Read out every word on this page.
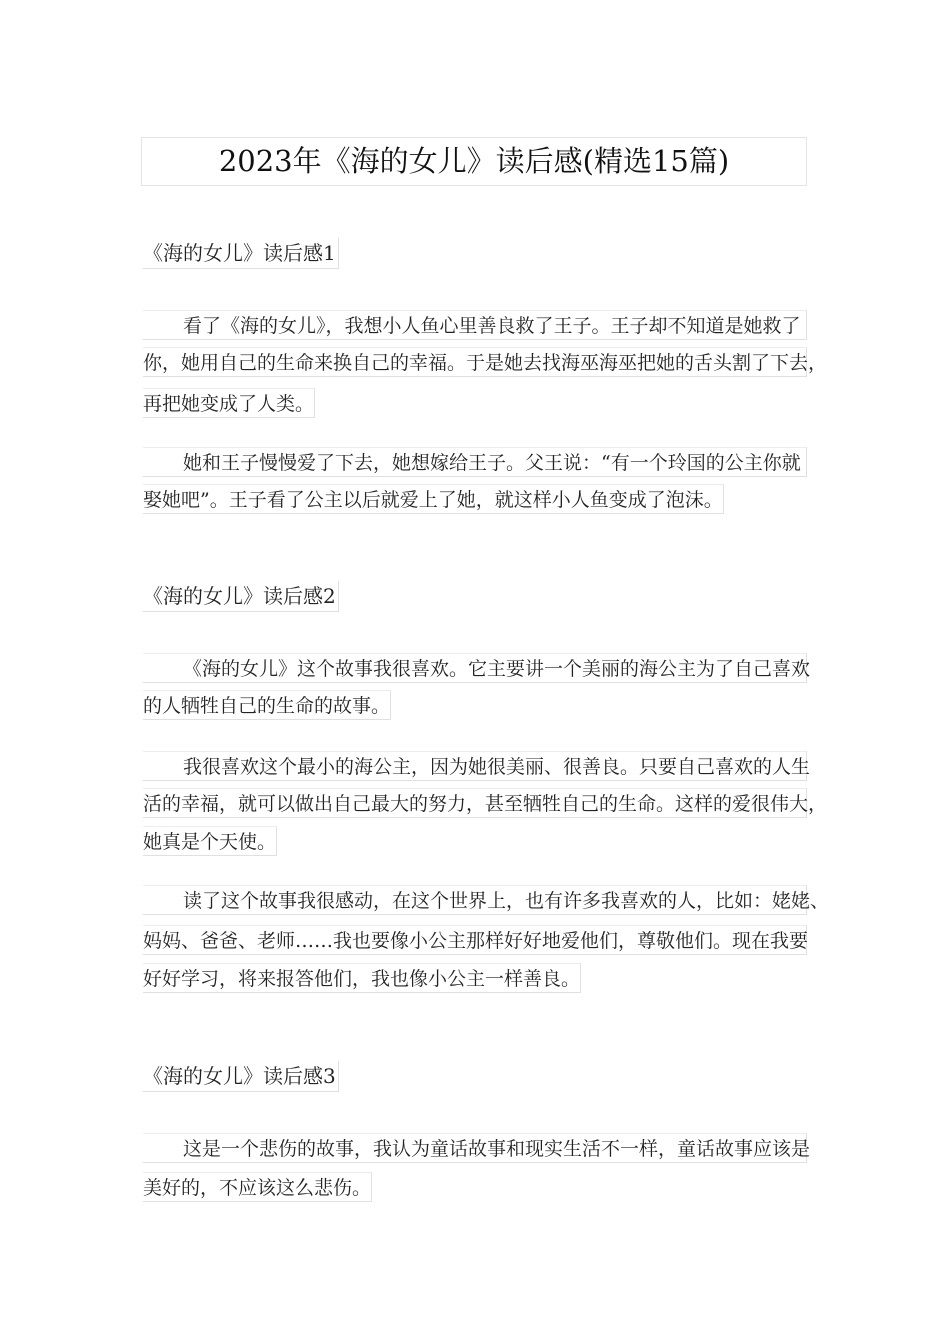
2023年《海的女儿》读后感(精选15篇)
《海的女儿》读后感1
看了《海的女儿》，我想小人鱼心里善良救了王子。王子却不知道是她救了
你，她用自己的生命来换自己的幸福。于是她去找海巫海巫把她的舌头割了下去，
再把她变成了人类。
她和王子慢慢爱了下去，她想嫁给王子。父王说：“有一个玲国的公主你就
娶她吧”。王子看了公主以后就爱上了她，就这样小人鱼变成了泡沫。
《海的女儿》读后感2
《海的女儿》这个故事我很喜欢。它主要讲一个美丽的海公主为了自己喜欢
的人牺牲自己的生命的故事。
我很喜欢这个最小的海公主，因为她很美丽、很善良。只要自己喜欢的人生
活的幸福，就可以做出自己最大的努力，甚至牺牲自己的生命。这样的爱很伟大，
她真是个天使。
读了这个故事我很感动，在这个世界上，也有许多我喜欢的人，比如：姥姥、
妈妈、爸爸、老师……我也要像小公主那样好好地爱他们，尊敬他们。现在我要
好好学习，将来报答他们，我也像小公主一样善良。
《海的女儿》读后感3
这是一个悲伤的故事，我认为童话故事和现实生活不一样，童话故事应该是
美好的，不应该这么悲伤。
